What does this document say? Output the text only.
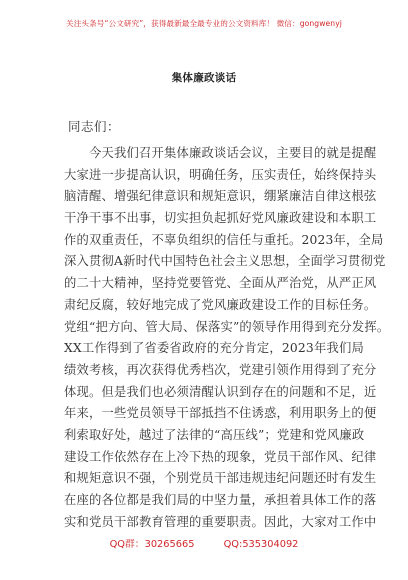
关注头条号“公文研究”，获得最新最全最专业的公文资料库！ 微信：gongwenyj
集体廉政谈话
同志们：
今天我们召开集体廉政谈话会议，主要目的就是提醒
大家进一步提高认识，明确任务，压实责任，始终保持头
脑清醒、增强纪律意识和规矩意识，绷紧廉洁自律这根弦
干净干事不出事，切实担负起抓好党风廉政建设和本职工
作的双重责任，不辜负组织的信任与重托。2023年，全局
深入贯彻A新时代中国特色社会主义思想，全面学习贯彻党
的二十大精神，坚持党要管党、全面从严治党，从严正风
肃纪反腐，较好地完成了党风廉政建设工作的目标任务。
党组“把方向、管大局、保落实”的领导作用得到充分发挥。
XX工作得到了省委省政府的充分肯定，2023年我们局
绩效考核，再次获得优秀档次，党建引领作用得到了充分
体现。但是我们也必须清醒认识到存在的问题和不足，近
年来，一些党员领导干部抵挡不住诱惑，利用职务上的便
利索取好处，越过了法律的“高压线”；党建和党风廉政
建设工作依然存在上冷下热的现象，党员干部作风、纪律
和规矩意识不强，个别党员干部违规违纪问题还时有发生
在座的各位都是我们局的中坚力量，承担着具体工作的落
实和党员干部教育管理的重要职责。因此，大家对工作中
QQ群：30265665	QQ:535304092
